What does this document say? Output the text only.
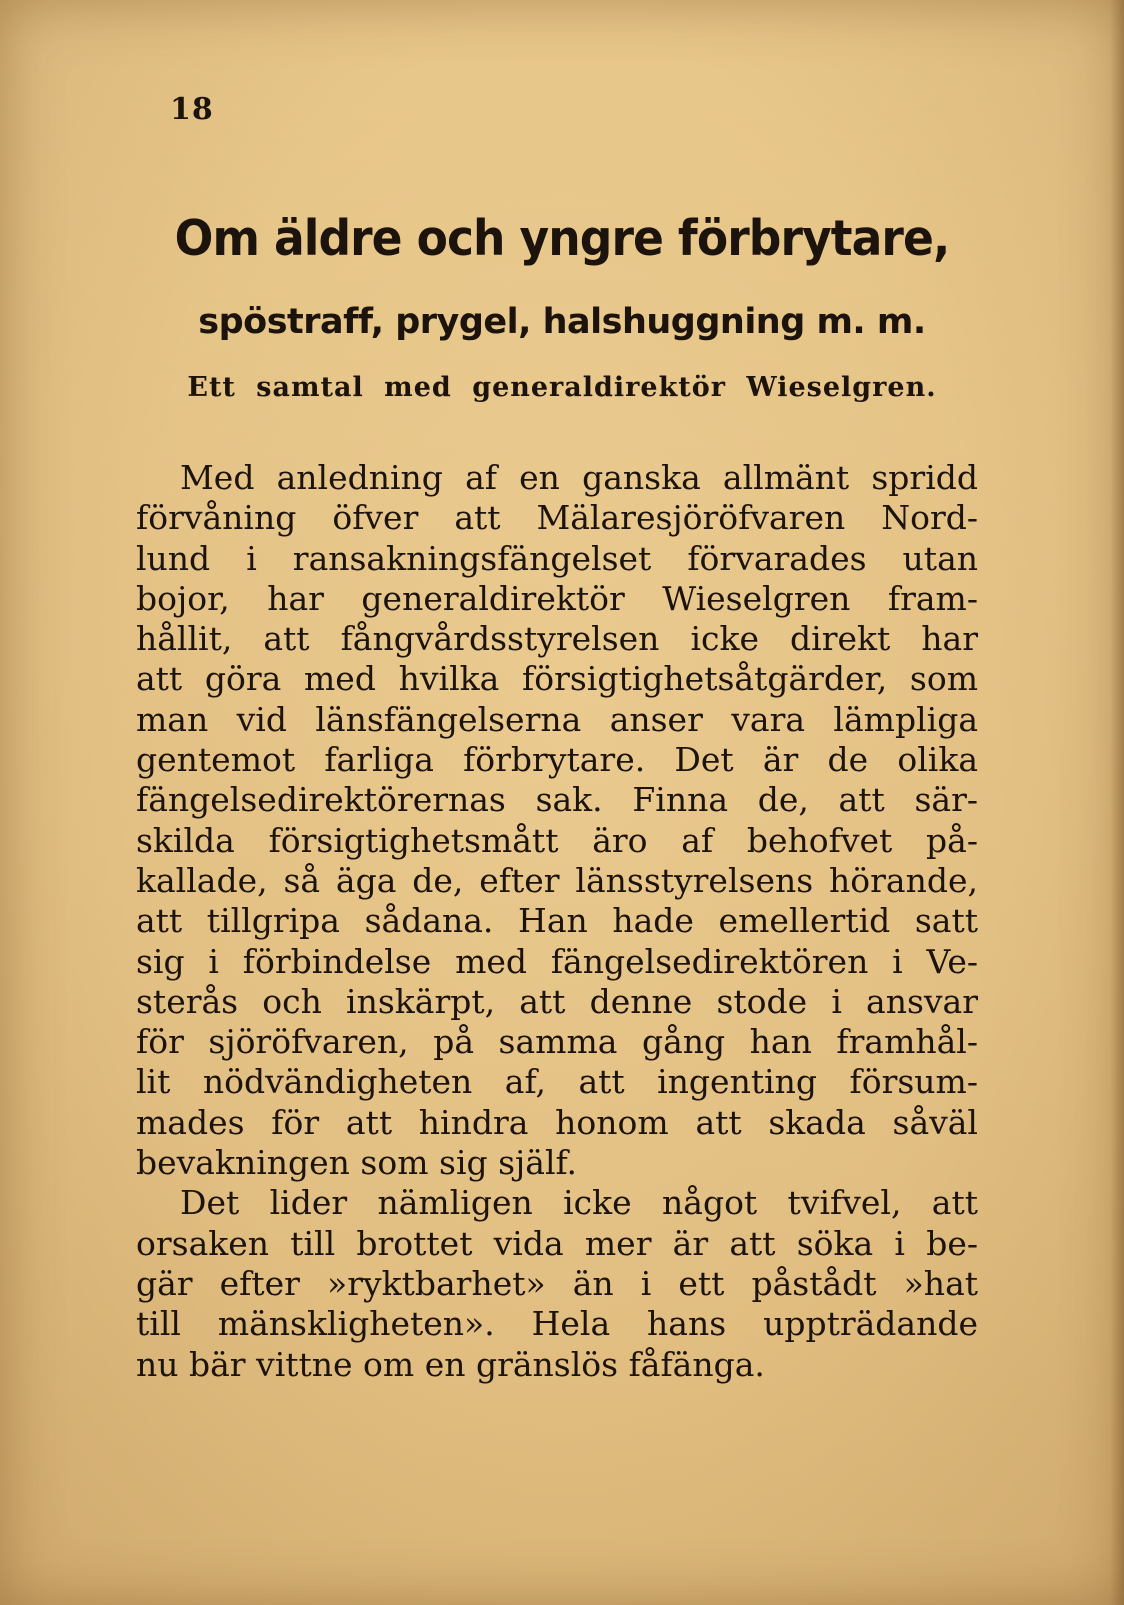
18
Om äldre och yngre förbrytare,
spöstraff, prygel, halshuggning m. m.
Ett samtal med generaldirektör Wieselgren.
Med anledning af en ganska allmänt spridd
förvåning öfver att Mälaresjöröfvaren Nord-
lund i ransakningsfängelset förvarades utan
bojor, har generaldirektör Wieselgren fram-
hållit, att fångvårdsstyrelsen icke direkt har
att göra med hvilka försigtighetsåtgärder, som
man vid länsfängelserna anser vara lämpliga
gentemot farliga förbrytare. Det är de olika
fängelsedirektörernas sak. Finna de, att sär-
skilda försigtighetsmått äro af behofvet på-
kallade, så äga de, efter länsstyrelsens hörande,
att tillgripa sådana. Han hade emellertid satt
sig i förbindelse med fängelsedirektören i Ve-
sterås och inskärpt, att denne stode i ansvar
för sjöröfvaren, på samma gång han framhål-
lit nödvändigheten af, att ingenting försum-
mades för att hindra honom att skada såväl
bevakningen som sig själf.
Det lider nämligen icke något tvifvel, att
orsaken till brottet vida mer är att söka i be-
gär efter »ryktbarhet» än i ett påstådt »hat
till mänskligheten». Hela hans uppträdande
nu bär vittne om en gränslös fåfänga.
